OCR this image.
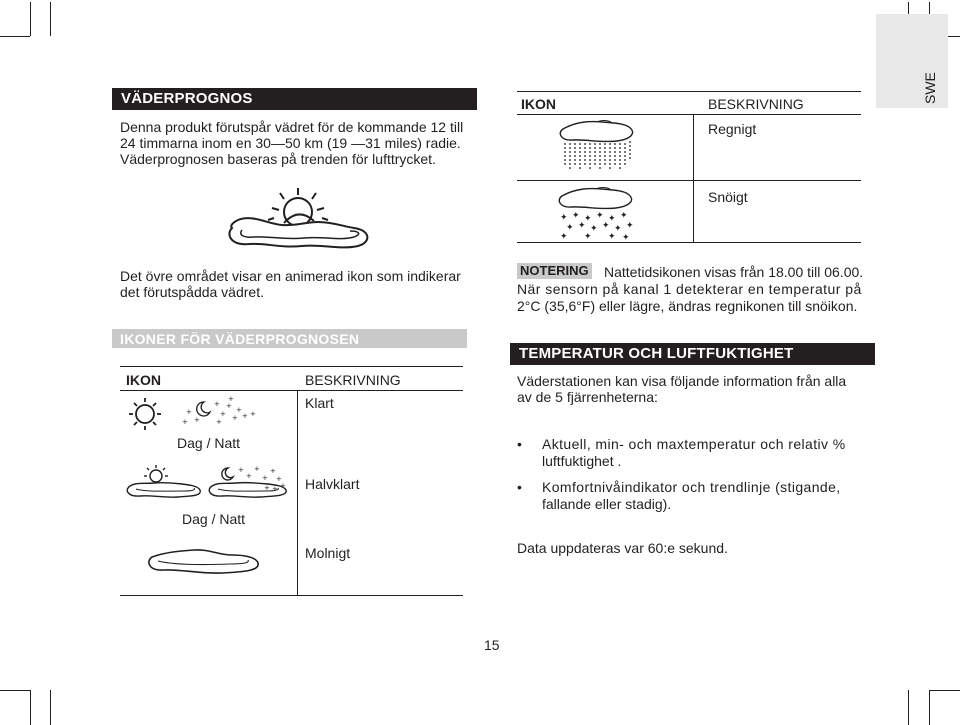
SWE
VÄDERPROGNOS
Denna produkt förutspår vädret för de kommande 12 till
24 timmarna inom en 30—50 km (19 —31 miles) radie.
Väderprognosen baseras på trenden för lufttrycket.
Det övre området visar en animerad ikon som indikerar
det förutspådda vädret.
IKONER FÖR VÄDERPROGNOSEN
IKON	BESKRIVNING
+
+ +
+
+
+
+
+
+
+ +
+
Dag / Natt
Klart
+
+
+
+
+
+
+ + +
Dag / Natt
Halvklart
Molnigt
IKON	BESKRIVNING
Regnigt
✦ ✦ ✦ ✦ ✦ ✦
✦ ✦ ✦ ✦ ✦ ✦
✦ ✦ ✦ ✦
Snöigt
NOTERING Nattetidsikonen visas från 18.00 till 06.00.
När sensorn på kanal 1 detekterar en temperatur på
2°C (35,6°F) eller lägre, ändras regnikonen till snöikon.
TEMPERATUR OCH LUFTFUKTIGHET
Väderstationen kan visa följande information från alla
av de 5 fjärrenheterna:
• Aktuell, min- och maxtemperatur och relativ %
luftfuktighet .
• Komfortnivåindikator och trendlinje (stigande,
fallande eller stadig).
Data uppdateras var 60:e sekund.
15
